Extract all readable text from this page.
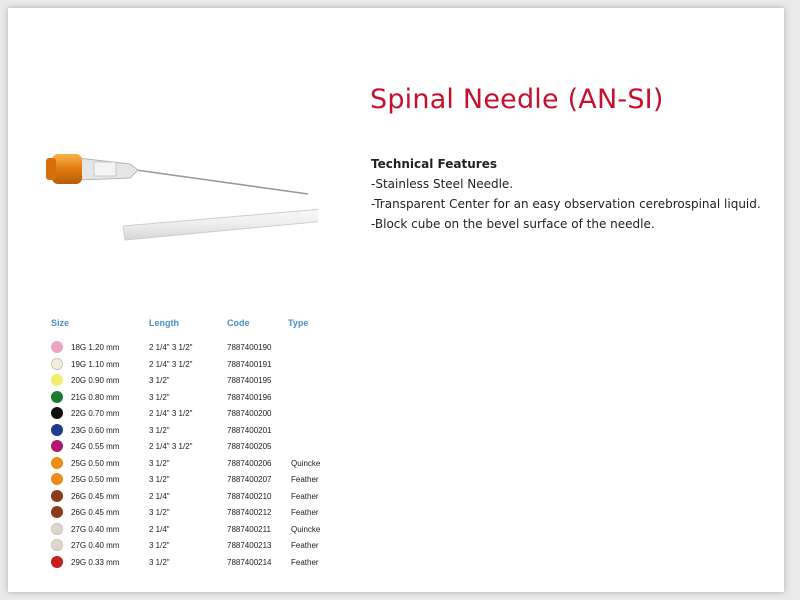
Spinal Needle (AN-SI)
Technical Features
-Stainless Steel Needle.
-Transparent Center for an easy observation cerebrospinal liquid.
-Block cube on the bevel surface of the needle.
Size	Length	Code	Type
18G 1.20 mm	2 1/4" 3 1/2"	7887400190
19G 1.10 mm	2 1/4" 3 1/2"	7887400191
20G 0.90 mm	3 1/2"	7887400195
21G 0.80 mm	3 1/2"	7887400196
22G 0.70 mm	2 1/4" 3 1/2"	7887400200
23G 0.60 mm	3 1/2"	7887400201
24G 0.55 mm	2 1/4" 3 1/2"	7887400205
25G 0.50 mm	3 1/2"	7887400206 Quincke
25G 0.50 mm	3 1/2"	7887400207 Feather
26G 0.45 mm	2 1/4"	7887400210 Feather
26G 0.45 mm	3 1/2"	7887400212 Feather
27G 0.40 mm	2 1/4"	7887400211	Quincke
27G 0.40 mm	3 1/2"	7887400213 Feather
29G 0.33 mm	3 1/2"	7887400214 Feather
